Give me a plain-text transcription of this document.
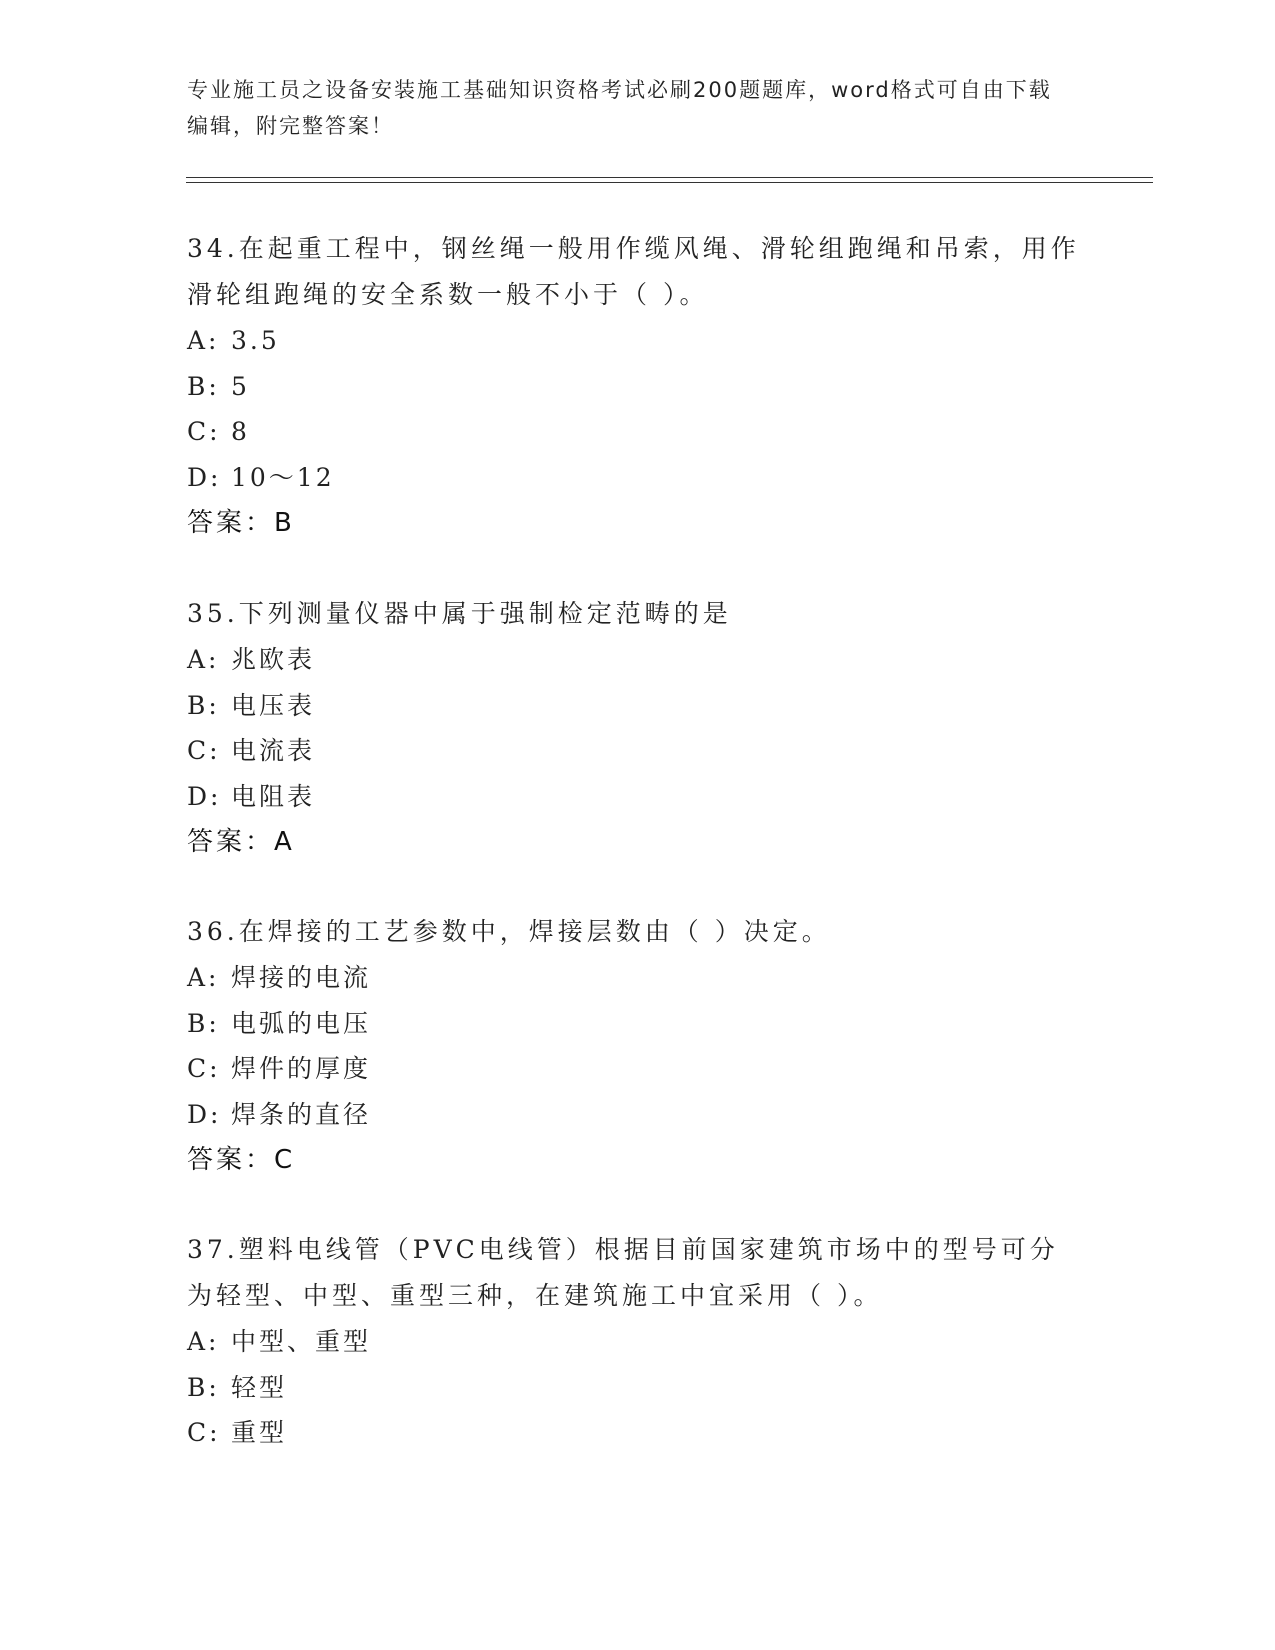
专业施工员之设备安装施工基础知识资格考试必刷200题题库，word格式可自由下载编辑，附完整答案！

34.在起重工程中，钢丝绳一般用作缆风绳、滑轮组跑绳和吊索，用作滑轮组跑绳的安全系数一般不小于（ ）。

A: 3.5
B: 5
C: 8
D: 10～12
答案：B

35.下列测量仪器中属于强制检定范畴的是

A: 兆欧表
B: 电压表
C: 电流表
D: 电阻表
答案：A

36.在焊接的工艺参数中，焊接层数由（ ）决定。

A: 焊接的电流
B: 电弧的电压
C: 焊件的厚度
D: 焊条的直径
答案：C

37.塑料电线管（PVC电线管）根据目前国家建筑市场中的型号可分为轻型、中型、重型三种，在建筑施工中宜采用（ ）。

A: 中型、重型
B: 轻型
C: 重型
